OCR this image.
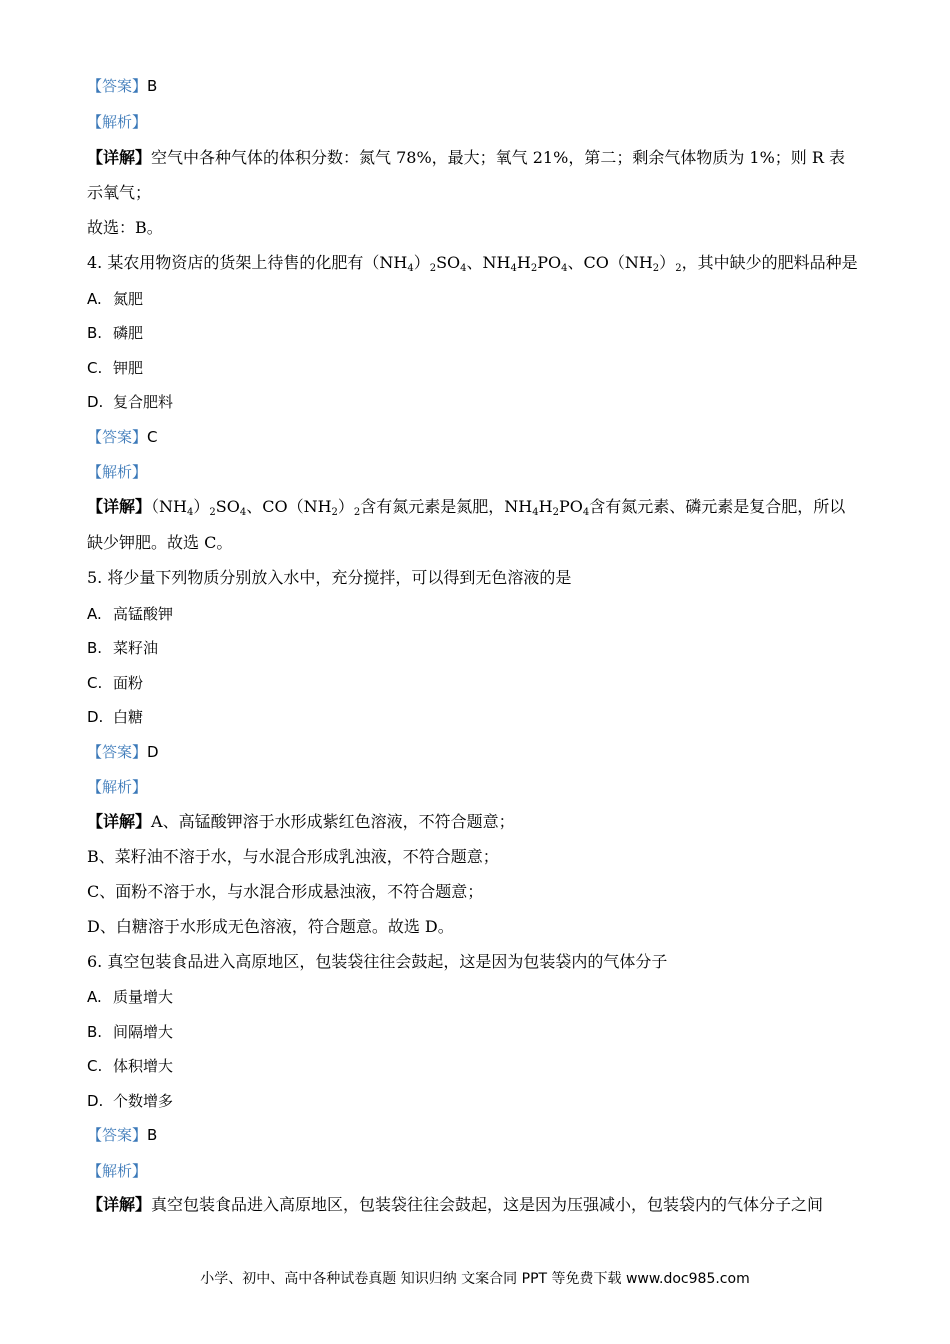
【答案】B
【解析】
【详解】空气中各种气体的体积分数：氮气 78%，最大；氧气 21%，第二；剩余气体物质为 1%；则 R 表
示氧气；
故选：B。
4. 某农用物资店的货架上待售的化肥有$(NH_4)_2SO_4$、$NH_4H_2PO_4$、$CO(NH_2)_2$，其中缺少的肥料品种是
A. 氮肥
B. 磷肥
C. 钾肥
D. 复合肥料
【答案】C
【解析】
【详解】$(NH_4)_2SO_4$、$CO(NH_2)_2$含有氮元素是氮肥，$NH_4H_2PO_4$含有氮元素、磷元素是复合肥，所以
缺少钾肥。故选 C。
5. 将少量下列物质分别放入水中，充分搅拌，可以得到无色溶液的是
A. 高锰酸钾
B. 菜籽油
C. 面粉
D. 白糖
【答案】D
【解析】
【详解】A、高锰酸钾溶于水形成紫红色溶液，不符合题意；
B、菜籽油不溶于水，与水混合形成乳浊液，不符合题意；
C、面粉不溶于水，与水混合形成悬浊液，不符合题意；
D、白糖溶于水形成无色溶液，符合题意。故选 D。
6. 真空包装食品进入高原地区，包装袋往往会鼓起，这是因为包装袋内的气体分子
A. 质量增大
B. 间隔增大
C. 体积增大
D. 个数增多
【答案】B
【解析】
【详解】真空包装食品进入高原地区，包装袋往往会鼓起，这是因为压强减小，包装袋内的气体分子之间
小学、初中、高中各种试卷真题 知识归纳 文案合同 PPT 等免费下载 www.doc985.com
